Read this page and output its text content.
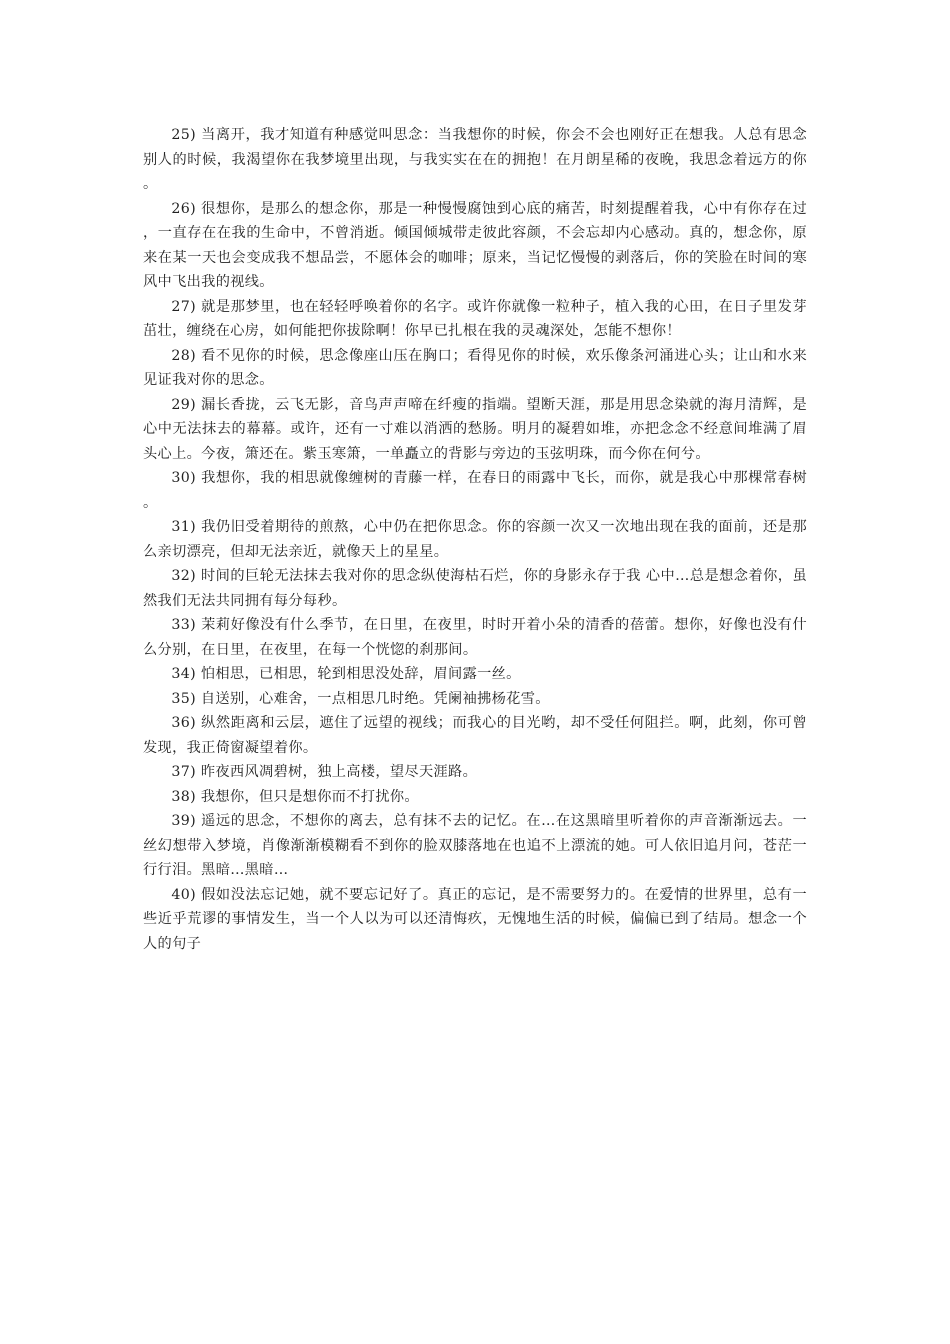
25) 当离开，我才知道有种感觉叫思念：当我想你的时候，你会不会也刚好正在想我。人总有思念别人的时候，我渴望你在我梦境里出现，与我实实在在的拥抱！在月朗星稀的夜晚，我思念着远方的你。

26) 很想你，是那么的想念你，那是一种慢慢腐蚀到心底的痛苦，时刻提醒着我，心中有你存在过，一直存在在我的生命中，不曾消逝。倾国倾城带走彼此容颜，不会忘却内心感动。真的，想念你，原来在某一天也会变成我不想品尝，不愿体会的咖啡；原来，当记忆慢慢的剥落后，你的笑脸在时间的寒风中飞出我的视线。

27) 就是那梦里，也在轻轻呼唤着你的名字。或许你就像一粒种子，植入我的心田，在日子里发芽茁壮，缠绕在心房，如何能把你拔除啊！你早已扎根在我的灵魂深处，怎能不想你！

28) 看不见你的时候，思念像座山压在胸口；看得见你的时候，欢乐像条河涌进心头；让山和水来见证我对你的思念。

29) 漏长香拢，云飞无影，音鸟声声啼在纤瘦的指端。望断天涯，那是用思念染就的海月清辉，是心中无法抹去的幕幕。或许，还有一寸难以消洒的愁肠。明月的凝碧如堆，亦把念念不经意间堆满了眉头心上。今夜，箫还在。紫玉寒箫，一单矗立的背影与旁边的玉弦明珠，而今你在何兮。

30) 我想你，我的相思就像缠树的青藤一样，在春日的雨露中飞长，而你，就是我心中那棵常春树。

31) 我仍旧受着期待的煎熬，心中仍在把你思念。你的容颜一次又一次地出现在我的面前，还是那么亲切漂亮，但却无法亲近，就像天上的星星。

32) 时间的巨轮无法抹去我对你的思念纵使海枯石烂，你的身影永存于我 心中…总是想念着你，虽然我们无法共同拥有每分每秒。

33) 茉莉好像没有什么季节，在日里，在夜里，时时开着小朵的清香的蓓蕾。想你，好像也没有什么分别，在日里，在夜里，在每一个恍惚的刹那间。

34) 怕相思，已相思，轮到相思没处辞，眉间露一丝。

35) 自送别，心难舍，一点相思几时绝。凭阑袖拂杨花雪。

36) 纵然距离和云层，遮住了远望的视线；而我心的目光哟，却不受任何阻拦。啊，此刻，你可曾发现，我正倚窗凝望着你。

37) 昨夜西风凋碧树，独上高楼，望尽天涯路。

38) 我想你，但只是想你而不打扰你。

39) 遥远的思念，不想你的离去，总有抹不去的记忆。在…在这黑暗里听着你的声音渐渐远去。一丝幻想带入梦境，肖像渐渐模糊看不到你的脸双膝落地在也追不上漂流的她。可人依旧追月问，苍茫一行行泪。黑暗…黑暗…

40) 假如没法忘记她，就不要忘记好了。真正的忘记，是不需要努力的。在爱情的世界里，总有一些近乎荒谬的事情发生，当一个人以为可以还清悔疚，无愧地生活的时候，偏偏已到了结局。想念一个人的句子
